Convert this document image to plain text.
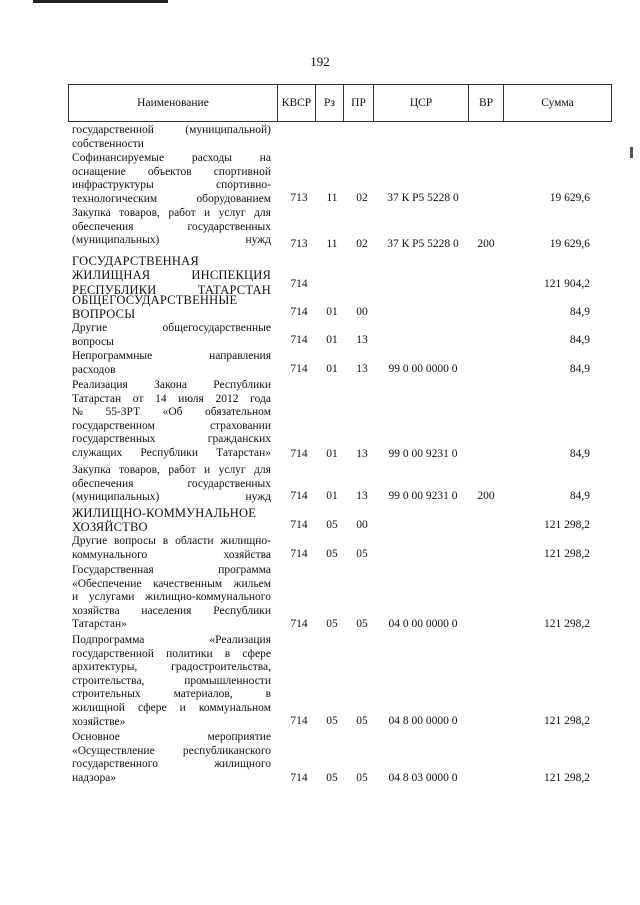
192
Наименование	КВСР	Рз	ПР	ЦСР	ВР	Сумма
государственной	(муниципальной)
собственности
Софинансируемые расходы на
оснащение объектов спортивной
инфраструктуры	спортивно-
технологическим оборудованием	713	11	02	37 К Р5 5228 0	19 629,6
Закупка товаров, работ и услуг для
обеспечения	государственных
(муниципальных) нужд	713	11	02	37 К Р5 5228 0	200	19 629,6
ГОСУДАРСТВЕННАЯ
ЖИЛИЩНАЯ	ИНСПЕКЦИЯ
РЕСПУБЛИКИ ТАТАРСТАН	714	121 904,2
ОБЩЕГОСУДАРСТВЕННЫЕ
ВОПРОСЫ	714	01	00	84,9
Другие	общегосударственные
вопросы	714	01	13	84,9
Непрограммные	направления
расходов	714	01	13	99 0 00 0000 0	84,9
Реализация Закона Республики
Татарстан от 14 июля 2012 года
№ 55-ЗРТ «Об обязательном
государственном	страховании
государственных	гражданских
служащих Республики Татарстан»	714	01	13	99 0 00 9231 0	84,9
Закупка товаров, работ и услуг для
обеспечения	государственных
(муниципальных) нужд	714	01	13	99 0 00 9231 0	200	84,9
ЖИЛИЩНО-КОММУНАЛЬНОЕ
ХОЗЯЙСТВО	714	05	00	121 298,2
Другие вопросы в области жилищно-
коммунального хозяйства	714	05	05	121 298,2
Государственная	программа
«Обеспечение качественным жильем
и услугами жилищно-коммунального
хозяйства населения Республики
Татарстан»	714	05	05	04 0 00 0000 0	121 298,2
Подпрограмма	«Реализация
государственной политики в сфере
архитектуры,	градостроительства,
строительства,	промышленности
строительных	материалов,	в
жилищной сфере и коммунальном
хозяйстве»	714	05	05	04 8 00 0000 0	121 298,2
Основное	мероприятие
«Осуществление республиканского
государственного	жилищного
надзора»	714	05	05	04 8 03 0000 0	121 298,2
